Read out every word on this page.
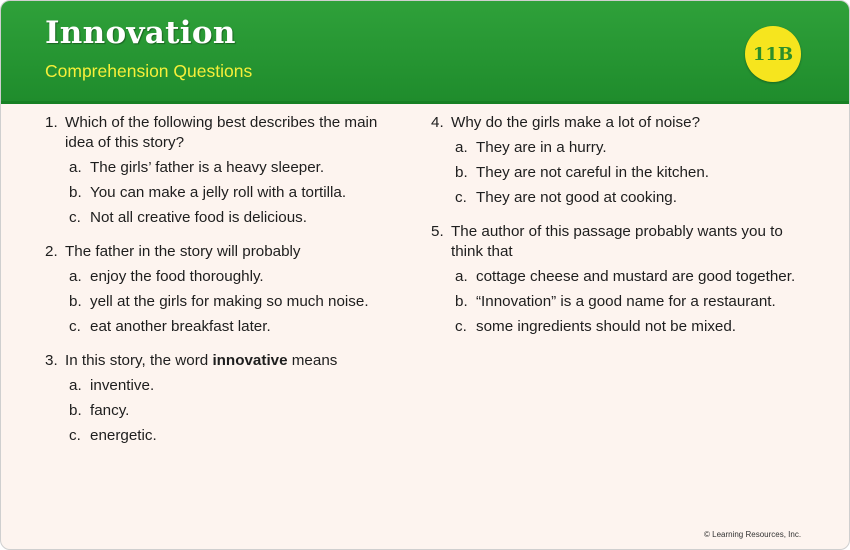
Innovation
Comprehension Questions
11B
1. Which of the following best describes the main idea of this story?
a. The girls’ father is a heavy sleeper.
b. You can make a jelly roll with a tortilla.
c. Not all creative food is delicious.
2. The father in the story will probably
a. enjoy the food thoroughly.
b. yell at the girls for making so much noise.
c. eat another breakfast later.
3. In this story, the word innovative means
a. inventive.
b. fancy.
c. energetic.
4. Why do the girls make a lot of noise?
a. They are in a hurry.
b. They are not careful in the kitchen.
c. They are not good at cooking.
5. The author of this passage probably wants you to think that
a. cottage cheese and mustard are good together.
b. “Innovation” is a good name for a restaurant.
c. some ingredients should not be mixed.
© Learning Resources, Inc.
